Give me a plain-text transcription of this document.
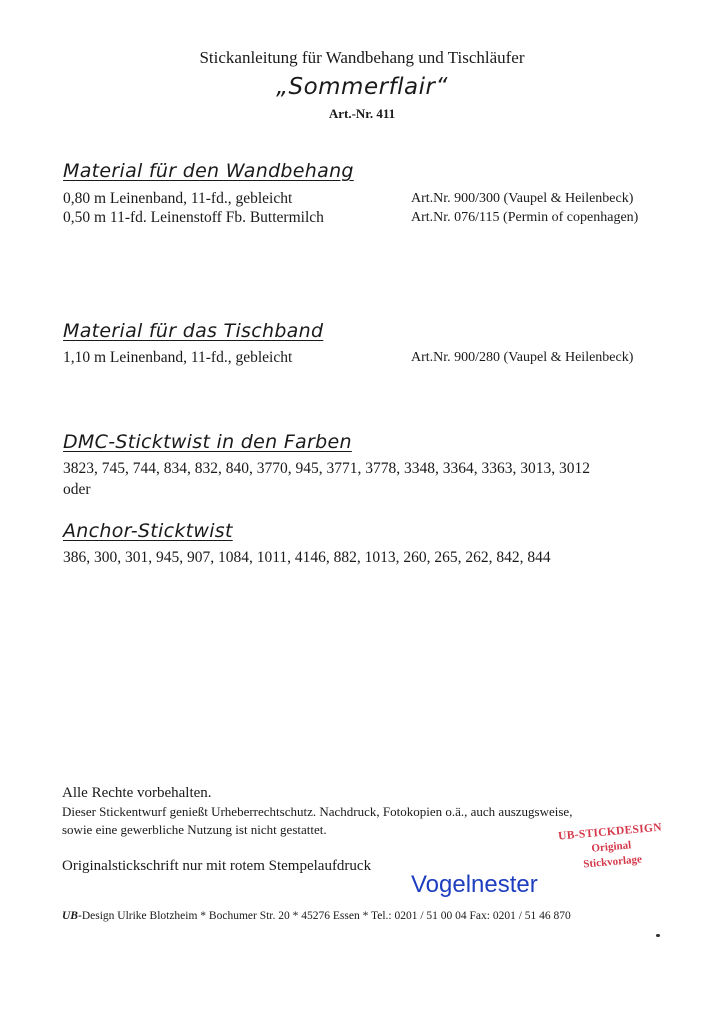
Stickanleitung für Wandbehang und Tischläufer
„Sommerflair“
Art.-Nr. 411
Material für den Wandbehang
0,80 m Leinenband, 11-fd., gebleicht	Art.Nr. 900/300 (Vaupel & Heilenbeck)
0,50 m 11-fd. Leinenstoff Fb. Buttermilch	Art.Nr. 076/115 (Permin of copenhagen)
Material für das Tischband
1,10 m Leinenband, 11-fd., gebleicht	Art.Nr. 900/280 (Vaupel & Heilenbeck)
DMC-Sticktwist in den Farben
3823, 745, 744, 834, 832, 840, 3770, 945, 3771, 3778, 3348, 3364, 3363, 3013, 3012
oder
Anchor-Sticktwist
386, 300, 301, 945, 907, 1084, 1011, 4146, 882, 1013, 260, 265, 262, 842, 844
Alle Rechte vorbehalten.
Dieser Stickentwurf genießt Urheberrechtschutz. Nachdruck, Fotokopien o.ä., auch auszugsweise,
sowie eine gewerbliche Nutzung ist nicht gestattet.
Originalstickschrift nur mit rotem Stempelaufdruck
UB-STICKDESIGN
Original
Stickvorlage
Vogelnester
UB-Design Ulrike Blotzheim * Bochumer Str. 20 * 45276 Essen * Tel.: 0201 / 51 00 04 Fax: 0201 / 51 46 870
